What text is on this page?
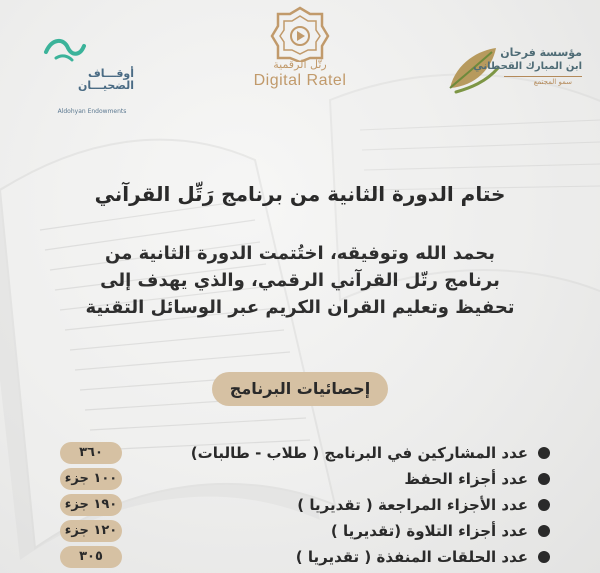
أوقـــاف
الضحيـــان
Aldohyan Endowments
رتّل الرقمية
Digital Ratel
مؤسسة فرحان
ابن المبارك القحطاني
سمو المجتمع
ختام الدورة الثانية من برنامج رَتِّل القرآني
بحمد الله وتوفيقه، اختُتمت الدورة الثانية من
برنامج رتّل القرآني الرقمي، والذي يهدف إلى
تحفيظ وتعليم القران الكريم عبر الوسائل التقنية
إحصائيات البرنامج
عدد المشاركين في البرنامج ( طلاب - طالبات)
٣٦٠
عدد أجزاء الحفظ
١٠٠ جزء
عدد الأجزاء المراجعة ( تقديريا )
١٩٠ جزء
عدد أجزاء التلاوة (تقديريا )
١٢٠ جزء
عدد الحلقات المنفذة ( تقديريا )
٣٠٥
